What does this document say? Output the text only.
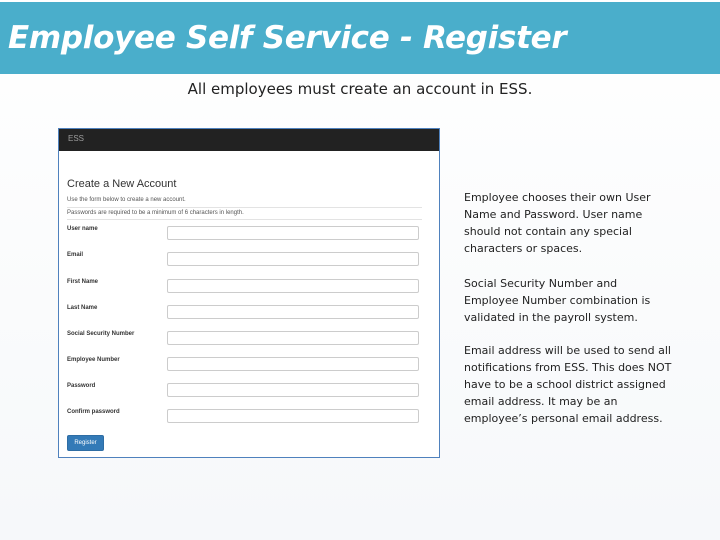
Employee Self Service - Register
All employees must create an account in ESS.
ESS
Create a New Account
Use the form below to create a new account.
Passwords are required to be a minimum of 6 characters in length.
User name
Email
First Name
Last Name
Social Security Number
Employee Number
Password
Confirm password
Register
Employee chooses their own User Name and Password. User name should not contain any special characters or spaces.
Social Security Number and Employee Number combination is validated in the payroll system.
Email address will be used to send all notifications from ESS. This does NOT have to be a school district assigned email address. It may be an employee’s personal email address.
